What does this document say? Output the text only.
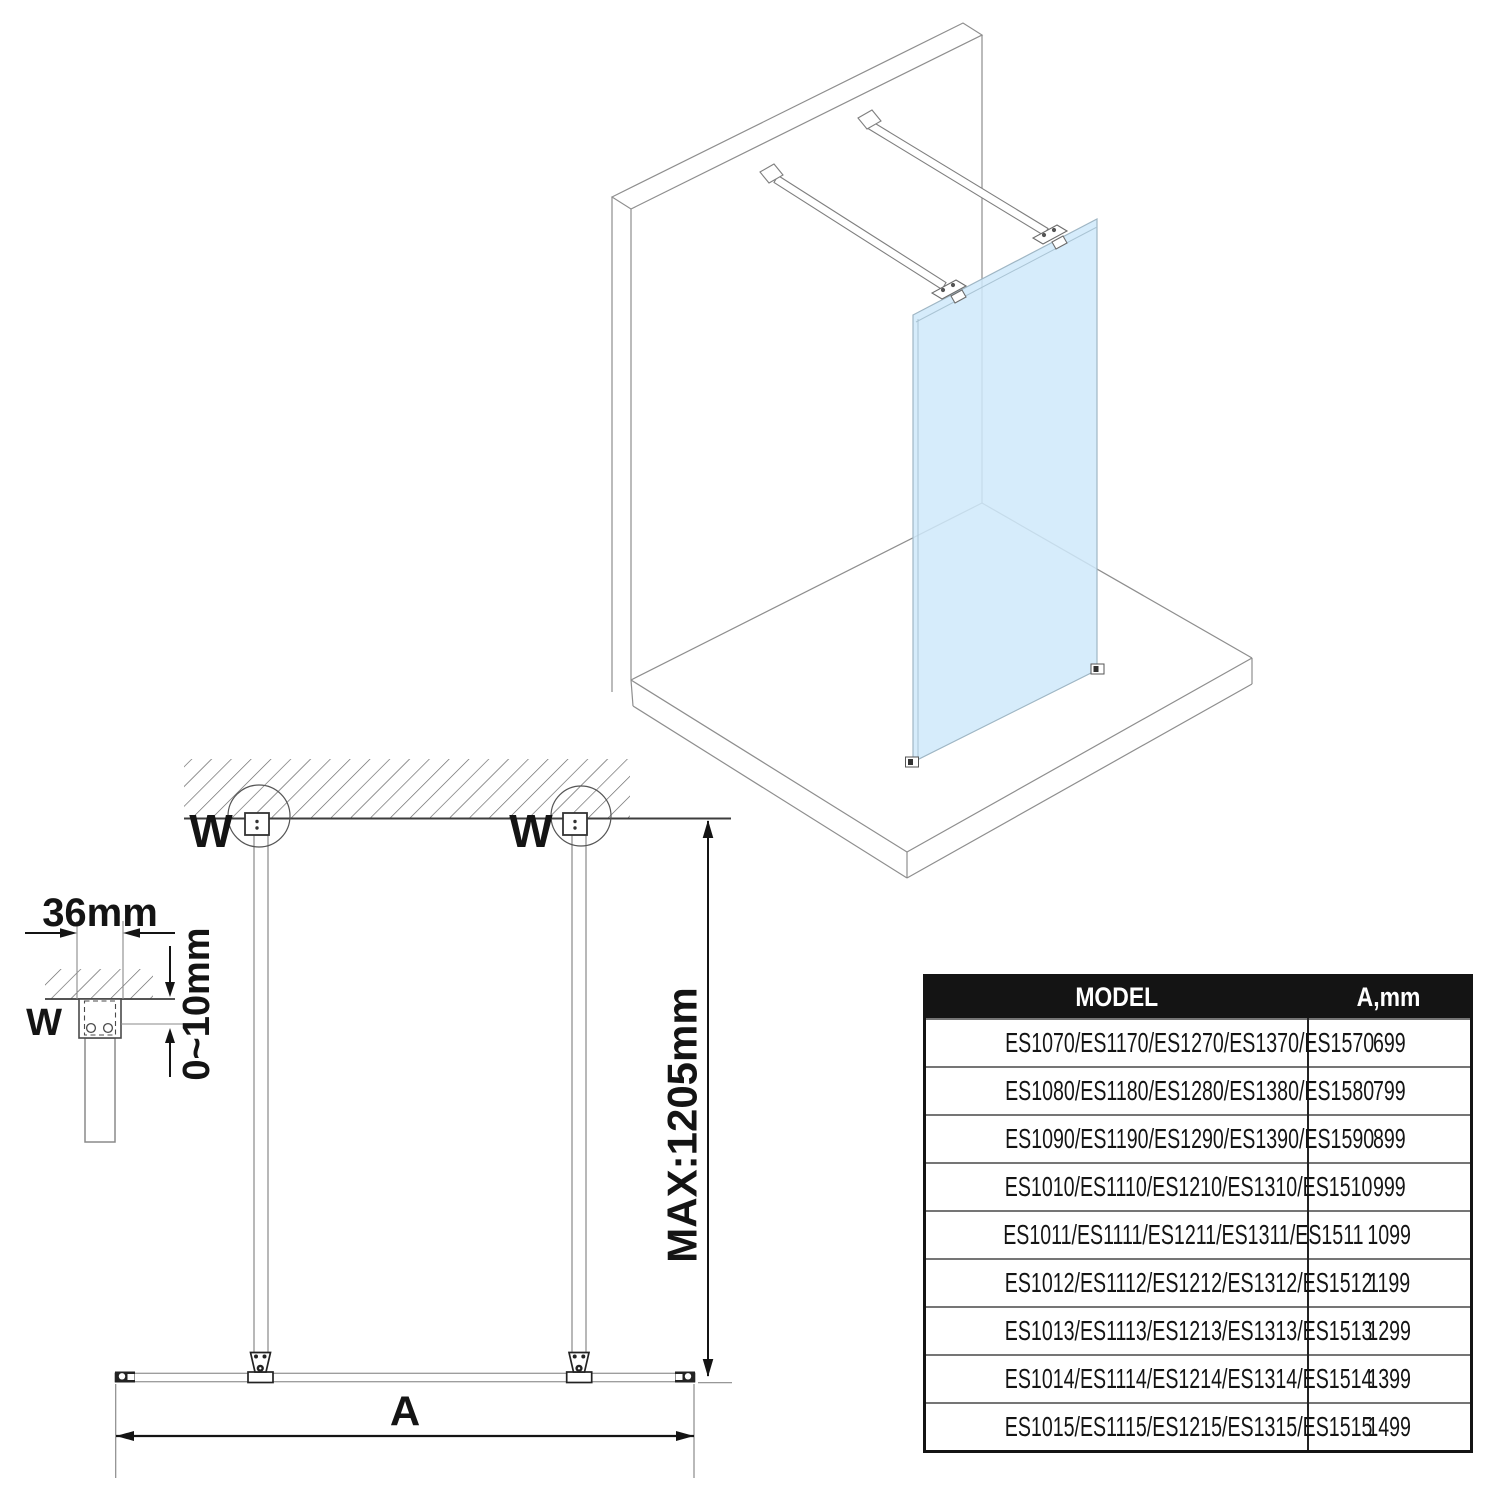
W	W
W
36mm
0~10mm	MAX:1205mm
A
MODEL	A,mm
ES1070/ES1170/ES1270/ES1370/ES1570	699
ES1080/ES1180/ES1280/ES1380/ES1580	799
ES1090/ES1190/ES1290/ES1390/ES1590	899
ES1010/ES1110/ES1210/ES1310/ES1510	999
ES1011/ES1111/ES1211/ES1311/ES1511	1099
ES1012/ES1112/ES1212/ES1312/ES1512	1199
ES1013/ES1113/ES1213/ES1313/ES1513	1299
ES1014/ES1114/ES1214/ES1314/ES1514	1399
ES1015/ES1115/ES1215/ES1315/ES1515	1499
